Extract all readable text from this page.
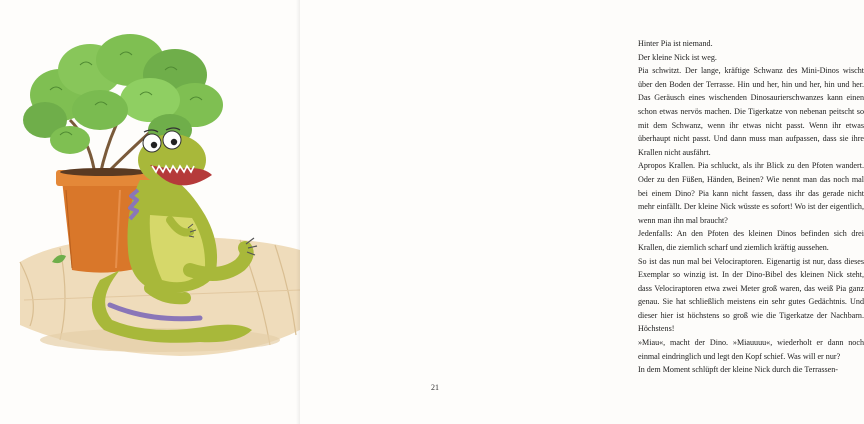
Hinter Pia ist niemand.

Der kleine Nick ist weg.

Pia schwitzt. Der lange, kräftige Schwanz des Mini-Dinos wischt über den Boden der Terrasse. Hin und her, hin und her, hin und her. Das Geräusch eines wischenden Dinosaurierschwanzes kann einen schon etwas nervös machen. Die Tigerkatze von nebenan peitscht so mit dem Schwanz, wenn ihr etwas nicht passt. Wenn ihr etwas überhaupt nicht passt. Und dann muss man aufpassen, dass sie ihre Krallen nicht ausfährt.

Apropos Krallen. Pia schluckt, als ihr Blick zu den Pfoten wandert. Oder zu den Füßen, Händen, Beinen? Wie nennt man das noch mal bei einem Dino? Pia kann nicht fassen, dass ihr das gerade nicht mehr einfällt. Der kleine Nick wüsste es sofort! Wo ist der eigentlich, wenn man ihn mal braucht?

Jedenfalls: An den Pfoten des kleinen Dinos befinden sich drei Krallen, die ziemlich scharf und ziemlich kräftig aussehen.

So ist das nun mal bei Velociraptoren. Eigenartig ist nur, dass dieses Exemplar so winzig ist. In der Dino-Bibel des kleinen Nick steht, dass Velociraptoren etwa zwei Meter groß waren, das weiß Pia ganz genau. Sie hat schließlich meistens ein sehr gutes Gedächtnis. Und dieser hier ist höchstens so groß wie die Tigerkatze der Nachbarn. Höchstens!

»Miau«, macht der Dino. »Miauuuu«, wiederholt er dann noch einmal eindringlich und legt den Kopf schief. Was will er nur?

In dem Moment schlüpft der kleine Nick durch die Terrassen-

21
